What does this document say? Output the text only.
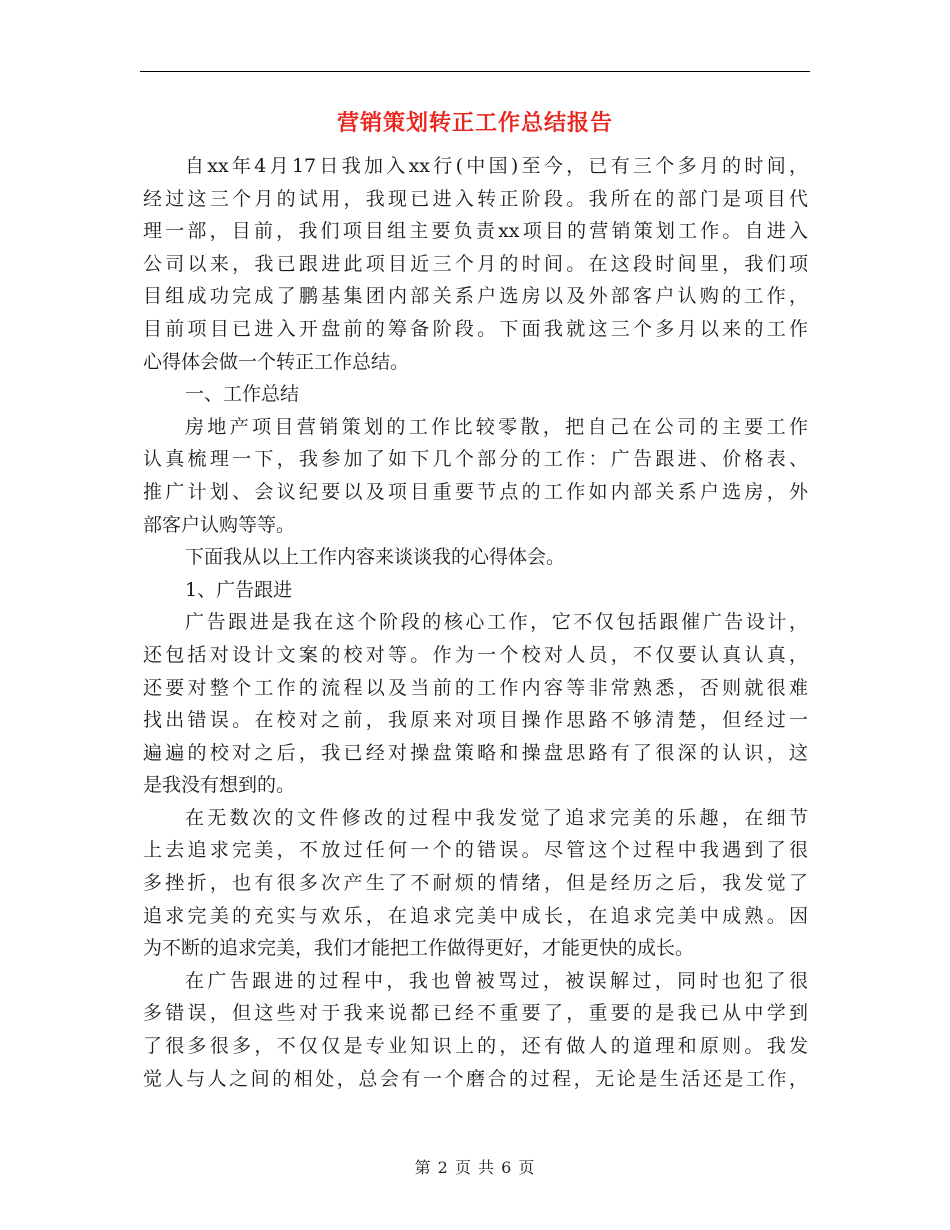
营销策划转正工作总结报告
自xx年4月17日我加入xx行(中国)至今，已有三个多月的时间，
经过这三个月的试用，我现已进入转正阶段。我所在的部门是项目代
理一部，目前，我们项目组主要负责xx项目的营销策划工作。自进入
公司以来，我已跟进此项目近三个月的时间。在这段时间里，我们项
目组成功完成了鹏基集团内部关系户选房以及外部客户认购的工作，
目前项目已进入开盘前的筹备阶段。下面我就这三个多月以来的工作
心得体会做一个转正工作总结。
一、工作总结
房地产项目营销策划的工作比较零散，把自己在公司的主要工作
认真梳理一下，我参加了如下几个部分的工作：广告跟进、价格表、
推广计划、会议纪要以及项目重要节点的工作如内部关系户选房，外
部客户认购等等。
下面我从以上工作内容来谈谈我的心得体会。
1、广告跟进
广告跟进是我在这个阶段的核心工作，它不仅包括跟催广告设计，
还包括对设计文案的校对等。作为一个校对人员，不仅要认真认真，
还要对整个工作的流程以及当前的工作内容等非常熟悉，否则就很难
找出错误。在校对之前，我原来对项目操作思路不够清楚，但经过一
遍遍的校对之后，我已经对操盘策略和操盘思路有了很深的认识，这
是我没有想到的。
在无数次的文件修改的过程中我发觉了追求完美的乐趣，在细节
上去追求完美，不放过任何一个的错误。尽管这个过程中我遇到了很
多挫折，也有很多次产生了不耐烦的情绪，但是经历之后，我发觉了
追求完美的充实与欢乐，在追求完美中成长，在追求完美中成熟。因
为不断的追求完美，我们才能把工作做得更好，才能更快的成长。
在广告跟进的过程中，我也曾被骂过，被误解过，同时也犯了很
多错误，但这些对于我来说都已经不重要了，重要的是我已从中学到
了很多很多，不仅仅是专业知识上的，还有做人的道理和原则。我发
觉人与人之间的相处，总会有一个磨合的过程，无论是生活还是工作，
第 2 页 共 6 页
